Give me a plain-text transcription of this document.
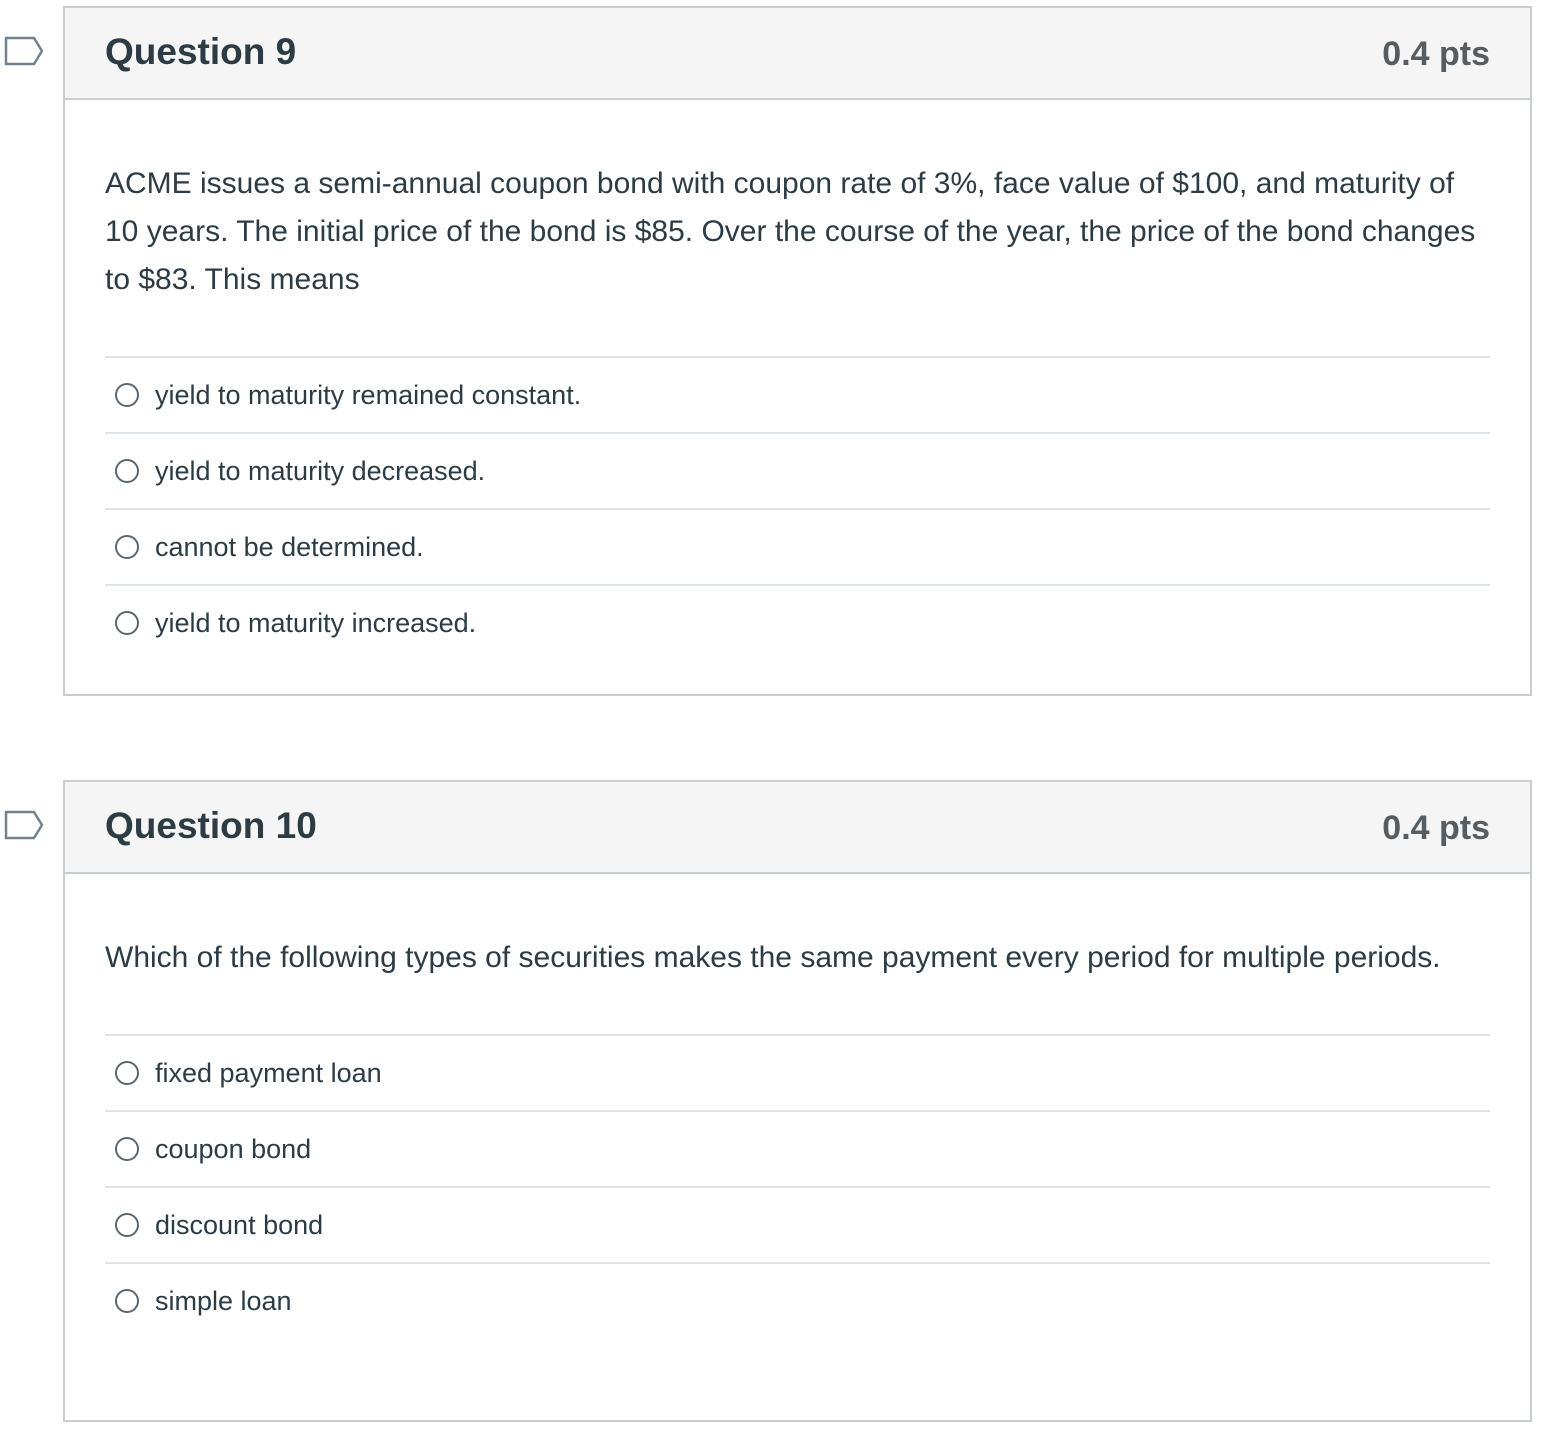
Question 9	0.4 pts

ACME issues a semi-annual coupon bond with coupon rate of 3%, face value of $100, and maturity of 10 years. The initial price of the bond is $85. Over the course of the year, the price of the bond changes to $83. This means

yield to maturity remained constant.
yield to maturity decreased.
cannot be determined.
yield to maturity increased.
Question 10	0.4 pts

Which of the following types of securities makes the same payment every period for multiple periods.

fixed payment loan
coupon bond
discount bond
simple loan
